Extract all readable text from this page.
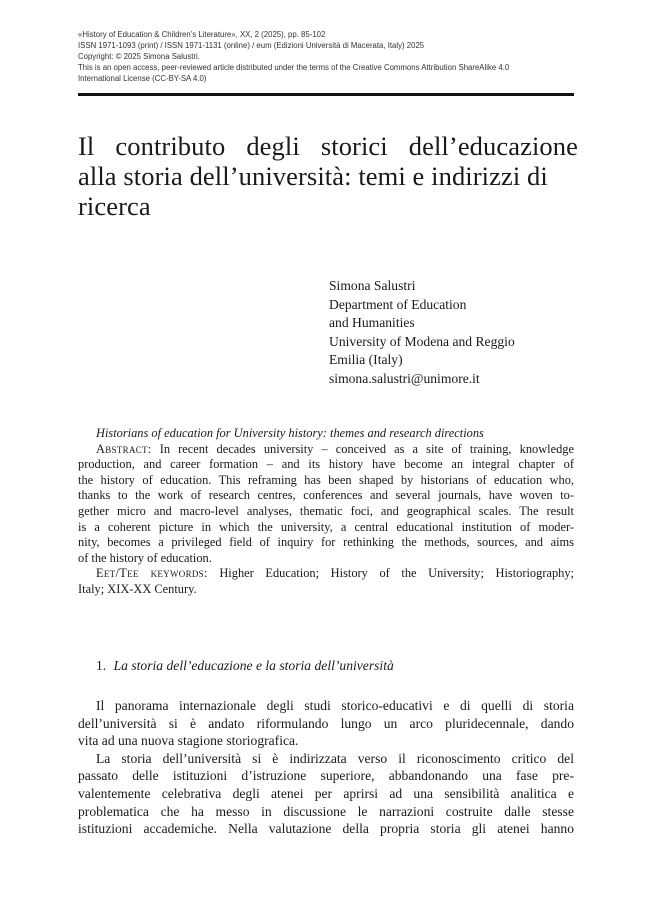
«History of Education & Children’s Literature», XX, 2 (2025), pp. 85-102
ISSN 1971-1093 (print) / ISSN 1971-1131 (online) / eum (Edizioni Università di Macerata, Italy) 2025
Copyright: © 2025 Simona Salustri.
This is an open access, peer-reviewed article distributed under the terms of the Creative Commons Attribution ShareAlike 4.0
International License (CC-BY-SA 4.0)
Il contributo degli storici dell’educazione
alla storia dell’università: temi e indirizzi di
ricerca
Simona Salustri
Department of Education
and Humanities
University of Modena and Reggio
Emilia (Italy)
simona.salustri@unimore.it
Historians of education for University history: themes and research directions
Abstract: In recent decades university – conceived as a site of training, knowledge
production, and career formation – and its history have become an integral chapter of
the history of education. This reframing has been shaped by historians of education who,
thanks to the work of research centres, conferences and several journals, have woven to-
gether micro and macro-level analyses, thematic foci, and geographical scales. The result
is a coherent picture in which the university, a central educational institution of moder-
nity, becomes a privileged field of inquiry for rethinking the methods, sources, and aims
of the history of education.
Eet/Tee keywords: Higher Education; History of the University; Historiography;
Italy; XIX-XX Century.
1. La storia dell’educazione e la storia dell’università
Il panorama internazionale degli studi storico-educativi e di quelli di storia
dell’università si è andato riformulando lungo un arco pluridecennale, dando
vita ad una nuova stagione storiografica.
La storia dell’università si è indirizzata verso il riconoscimento critico del
passato delle istituzioni d’istruzione superiore, abbandonando una fase pre-
valentemente celebrativa degli atenei per aprirsi ad una sensibilità analitica e
problematica che ha messo in discussione le narrazioni costruite dalle stesse
istituzioni accademiche. Nella valutazione della propria storia gli atenei hanno
